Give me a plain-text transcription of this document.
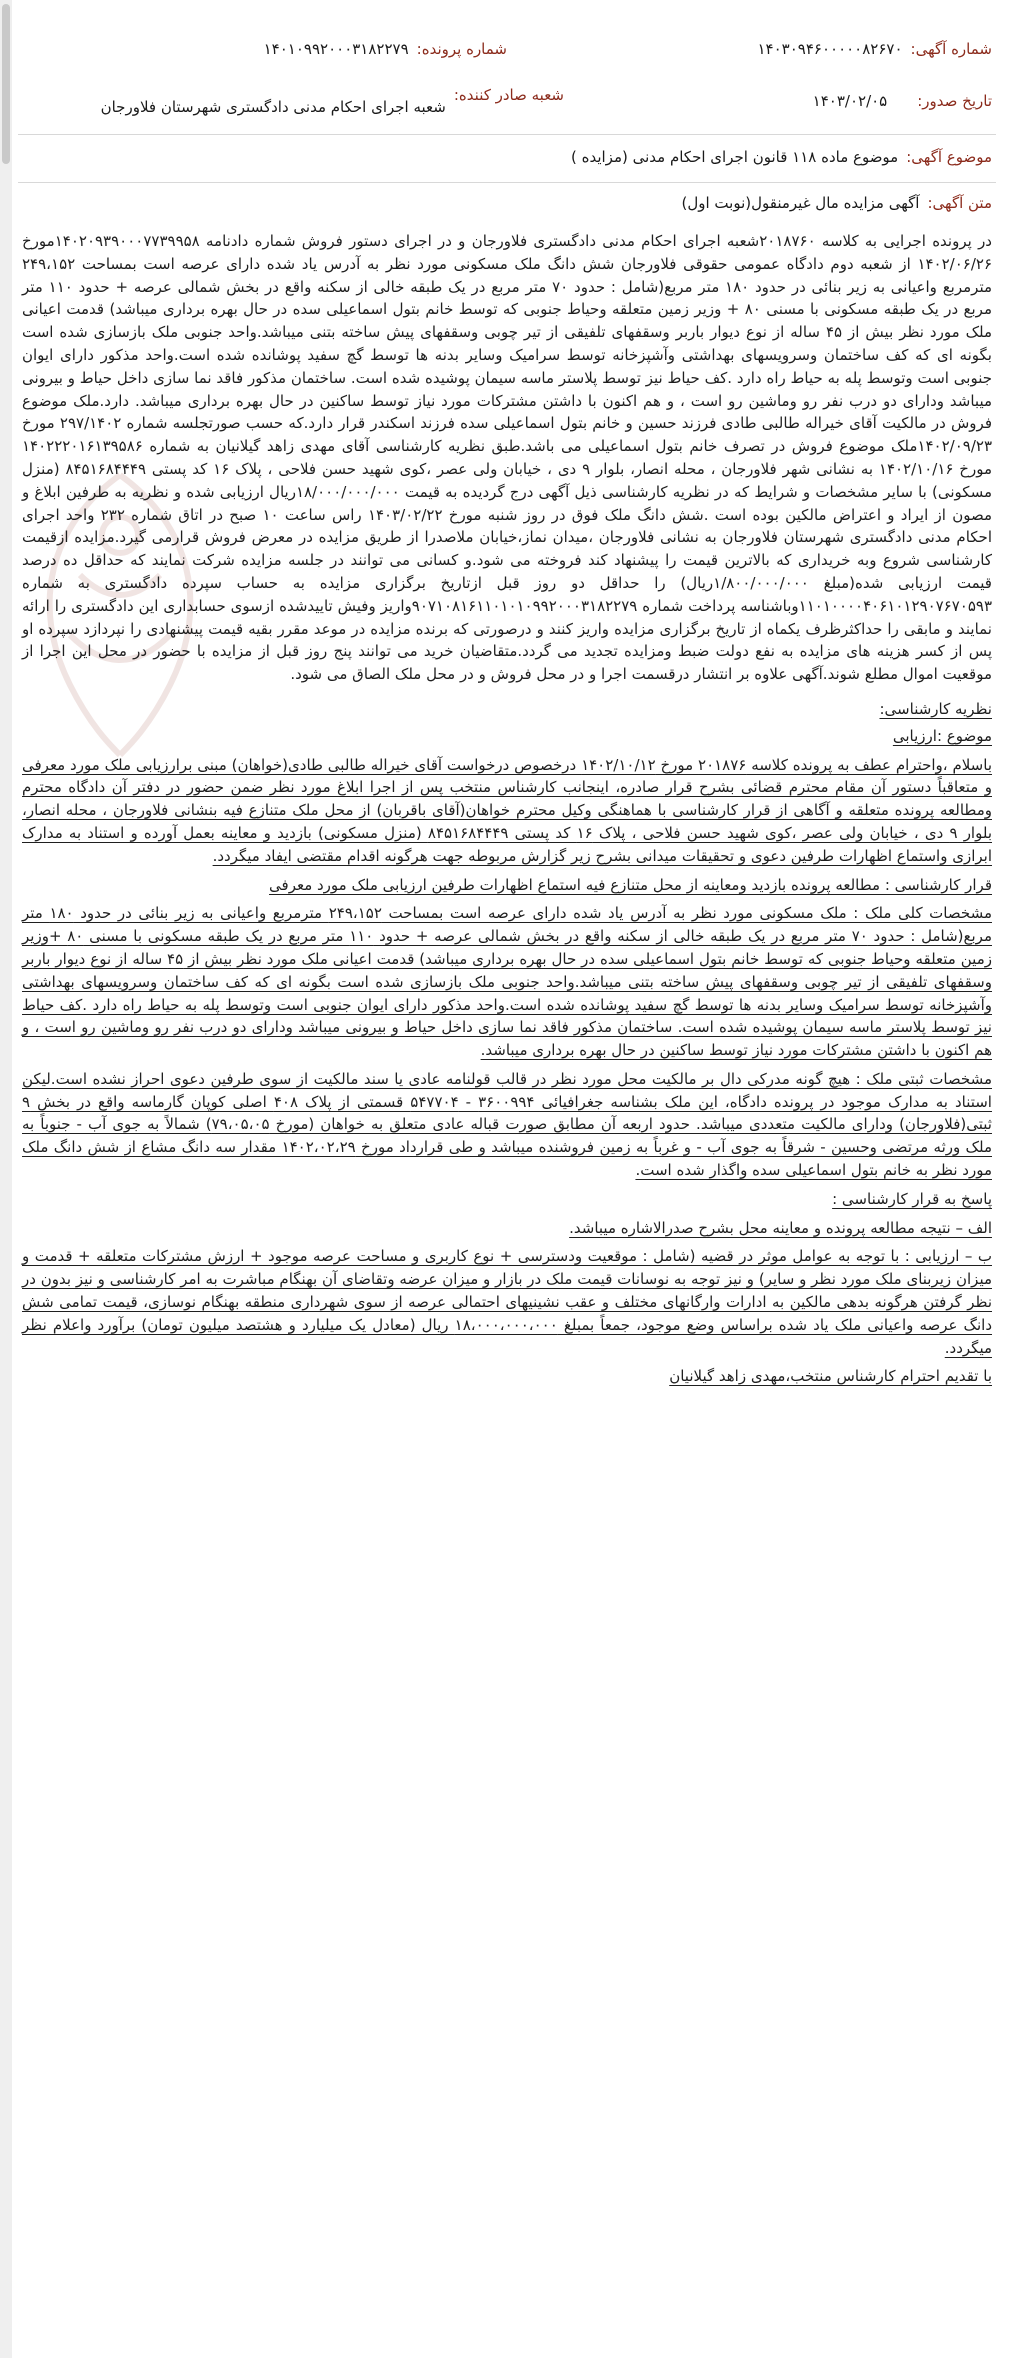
شماره آگهی:
۱۴۰۳۰۹۴۶۰۰۰۰۰۸۲۶۷۰
شماره پرونده:
۱۴۰۱۰۹۹۲۰۰۰۳۱۸۲۲۷۹
تاریخ صدور:
۱۴۰۳/۰۲/۰۵
شعبه صادر کننده:
شعبه اجرای احکام مدنی دادگستری شهرستان فلاورجان
موضوع آگهی:
موضوع ماده ۱۱۸ قانون اجرای احکام مدنی (مزایده )
متن آگهی:
آگهی مزایده مال غیرمنقول(نوبت اول)

در پرونده اجرایی به کلاسه ۲۰۱۸۷۶۰شعبه اجرای احکام مدنی دادگستری فلاورجان و در اجرای دستور فروش شماره دادنامه ۱۴۰۲۰۹۳۹۰۰۰۷۷۳۹۹۵۸مورخ ۱۴۰۲/۰۶/۲۶ از شعبه دوم دادگاه عمومی حقوقی فلاورجان شش دانگ ملک مسکونی مورد نظر به آدرس یاد شده دارای عرصه است بمساحت ۲۴۹،۱۵۲ مترمربع واعیانی به زیر بنائی در حدود ۱۸۰ متر مربع(شامل : حدود ۷۰ متر مربع در یک طبقه خالی از سکنه واقع در بخش شمالی عرصه + حدود ۱۱۰ متر مربع در یک طبقه مسکونی با مسنی ۸۰ + وزیر زمین متعلقه وحیاط جنوبی که توسط خانم بتول اسماعیلی سده در حال بهره برداری میباشد) قدمت اعیانی ملک مورد نظر بیش از ۴۵ ساله از نوع دیوار باربر وسقفهای تلفیقی از تیر چوبی وسقفهای پیش ساخته بتنی میباشد.واحد جنوبی ملک بازسازی شده است بگونه ای که کف ساختمان وسرویسهای بهداشتی وآشپزخانه توسط سرامیک وسایر بدنه ها توسط گچ سفید پوشانده شده است.واحد مذکور دارای ایوان جنوبی است وتوسط پله به حیاط راه دارد .کف حیاط نیز توسط پلاستر ماسه سیمان پوشیده شده است. ساختمان مذکور فاقد نما سازی داخل حیاط و بیرونی میباشد ودارای دو درب نفر رو وماشین رو است ، و هم اکنون با داشتن مشترکات مورد نیاز توسط ساکنین در حال بهره برداری میباشد. دارد.ملک موضوع فروش در مالکیت آقای خیراله طالبی طادی فرزند حسین و خانم بتول اسماعیلی سده فرزند اسکندر قرار دارد.که حسب صورتجلسه شماره ۲۹۷/۱۴۰۲ مورخ ۱۴۰۲/۰۹/۲۳ملک موضوع فروش در تصرف خانم بتول اسماعیلی می باشد.طبق نظریه کارشناسی آقای مهدی زاهد گیلانیان به شماره ۱۴۰۲۲۲۰۱۶۱۳۹۵۸۶ مورخ ۱۴۰۲/۱۰/۱۶ به نشانی شهر فلاورجان ، محله انصار، بلوار ۹ دی ، خیابان ولی عصر ،کوی شهید حسن فلاحی ، پلاک ۱۶ کد پستی ۸۴۵۱۶۸۴۴۴۹ (منزل مسکونی) با سایر مشخصات و شرایط که در نظریه کارشناسی ذیل آگهی درج گردیده به قیمت ۱۸/۰۰۰/۰۰۰/۰۰۰ریال ارزیابی شده و نظریه به طرفین ابلاغ و مصون از ایراد و اعتراض مالکین بوده است .شش دانگ ملک فوق در روز شنبه مورخ ۱۴۰۳/۰۲/۲۲ راس ساعت ۱۰ صبح در اتاق شماره ۲۳۲ واحد اجرای احکام مدنی دادگستری شهرستان فلاورجان به نشانی فلاورجان ،میدان نماز،خیابان ملاصدرا از طریق مزایده در معرض فروش قرارمی گیرد.مزایده ازقیمت کارشناسی شروع وبه خریداری که بالاترین قیمت را پیشنهاد کند فروخته می شود.و کسانی می توانند در جلسه مزایده شرکت نمایند که حداقل ده درصد قیمت ارزیابی شده(مبلغ ۱/۸۰۰/۰۰۰/۰۰۰ریال) را حداقل دو روز قبل ازتاریخ برگزاری مزایده به حساب سپرده دادگستری به شماره ۱۱۰۱۰۰۰۰۴۰۶۱۰۱۲۹۰۷۶۷۰۵۹۳وباشناسه پرداخت شماره ۹۰۷۱۰۸۱۶۱۱۰۱۰۱۰۹۹۲۰۰۰۳۱۸۲۲۷۹واریز وفیش تاییدشده ازسوی حسابداری این دادگستری را ارائه نمایند و مابقی را حداکثرظرف یکماه از تاریخ برگزاری مزایده واریز کنند و درصورتی که برنده مزایده در موعد مقرر بقیه قیمت پیشنهادی را نپردازد سپرده او پس از کسر هزینه های مزایده به نفع دولت ضبط ومزایده تجدید می گردد.متقاضیان خرید می توانند پنج روز قبل از مزایده با حضور در محل این اجرا از موقعیت اموال مطلع شوند.آگهی علاوه بر انتشار درقسمت اجرا و در محل فروش و در محل ملک الصاق می شود.

نظریه کارشناسی:

موضوع :ارزیابی

باسلام ،واحترام عطف به پرونده کلاسه ۲۰۱۸۷۶ مورخ ۱۴۰۲/۱۰/۱۲ درخصوص درخواست آقای خیراله طالبی طادی(خواهان) مبنی برارزیابی ملک مورد معرفی و متعاقباً دستور آن مقام محترم قضائی بشرح قرار صادره، اینجانب کارشناس منتخب پس از اجرا ابلاغ مورد نظر ضمن حضور در دفتر آن دادگاه محترم ومطالعه پرونده متعلقه و آگاهی از قرار کارشناسی با هماهنگی وکیل محترم خواهان(آقای باقربان) از محل ملک متنازع فیه بنشانی فلاورجان ، محله انصار، بلوار ۹ دی ، خیابان ولی عصر ،کوی شهید حسن فلاحی ، پلاک ۱۶ کد پستی ۸۴۵۱۶۸۴۴۴۹ (منزل مسکونی) بازدید و معاینه بعمل آورده و استناد به مدارک ابرازی واستماع اظهارات طرفین دعوی و تحقیقات میدانی بشرح زیر گزارش مربوطه جهت هرگونه اقدام مقتضی ایفاد میگردد.

قرار کارشناسی : مطالعه پرونده بازدید ومعاینه از محل متنازع فیه استماع اظهارات طرفین ارزیابی ملک مورد معرفی

مشخصات کلی ملک : ملک مسکونی مورد نظر به آدرس یاد شده دارای عرصه است بمساحت ۲۴۹،۱۵۲ مترمربع واعیانی به زیر بنائی در حدود ۱۸۰ متر مربع(شامل : حدود ۷۰ متر مربع در یک طبقه خالی از سکنه واقع در بخش شمالی عرصه + حدود ۱۱۰ متر مربع در یک طبقه مسکونی با مسنی ۸۰ +وزیر زمین متعلقه وحیاط جنوبی که توسط خانم بتول اسماعیلی سده در حال بهره برداری میباشد) قدمت اعیانی ملک مورد نظر بیش از ۴۵ ساله از نوع دیوار باربر وسقفهای تلفیقی از تیر چوبی وسقفهای پیش ساخته بتنی میباشد.واحد جنوبی ملک بازسازی شده است بگونه ای که کف ساختمان وسرویسهای بهداشتی وآشپزخانه توسط سرامیک وسایر بدنه ها توسط گچ سفید پوشانده شده است.واحد مذکور دارای ایوان جنوبی است وتوسط پله به حیاط راه دارد .کف حیاط نیز توسط پلاستر ماسه سیمان پوشیده شده است. ساختمان مذکور فاقد نما سازی داخل حیاط و بیرونی میباشد ودارای دو درب نفر رو وماشین رو است ، و هم اکنون با داشتن مشترکات مورد نیاز توسط ساکنین در حال بهره برداری میباشد.

مشخصات ثبتی ملک : هیچ گونه مدرکی دال بر مالکیت محل مورد نظر در قالب قولنامه عادی یا سند مالکیت از سوی طرفین دعوی احراز نشده است.لیکن استناد به مدارک موجود در پرونده دادگاه، این ملک بشناسه جغرافیائی ۳۶۰۰۹۹۴ - ۵۴۷۷۰۴ قسمتی از پلاک ۴۰۸ اصلی کوپان گارماسه واقع در بخش ۹ ثبتی(فلاورجان) ودارای مالکیت متعددی میباشد. حدود اربعه آن مطابق صورت قباله عادی متعلق به خواهان (مورخ ۷۹،۰۵،۰۵) شمالاً به جوی آب - جنوباً به ملک ورثه مرتضی وحسین - شرقاً به جوی آب - و غرباً به زمین فروشنده میباشد و طی قرارداد مورخ ۱۴۰۲،۰۲،۲۹ مقدار سه دانگ مشاع از شش دانگ ملک مورد نظر به خانم بتول اسماعیلی سده واگذار شده است.

پاسخ به قرار کارشناسی :

الف – نتیجه مطالعه پرونده و معاینه محل بشرح صدرالاشاره میباشد.

ب – ارزیابی : با توجه به عوامل موثر در قضیه (شامل : موقعیت ودسترسی + نوع کاربری و مساحت عرصه موجود + ارزش مشترکات متعلقه + قدمت و میزان زیربنای ملک مورد نظر و سایر) و نیز توجه به نوسانات قیمت ملک در بازار و میزان عرضه وتقاضای آن بهنگام مباشرت به امر کارشناسی و نیز بدون در نظر گرفتن هرگونه بدهی مالکین به ادارات وارگانهای مختلف و عقب نشینیهای احتمالی عرصه از سوی شهرداری منطقه بهنگام نوسازی، قیمت تمامی شش دانگ عرصه واعیانی ملک یاد شده براساس وضع موجود، جمعاً بمبلغ ۱۸،۰۰۰،۰۰۰،۰۰۰ ریال (معادل یک میلیارد و هشتصد میلیون تومان) برآورد واعلام نظر میگردد.

با تقدیم احترام کارشناس منتخب،مهدی زاهد گیلانیان
